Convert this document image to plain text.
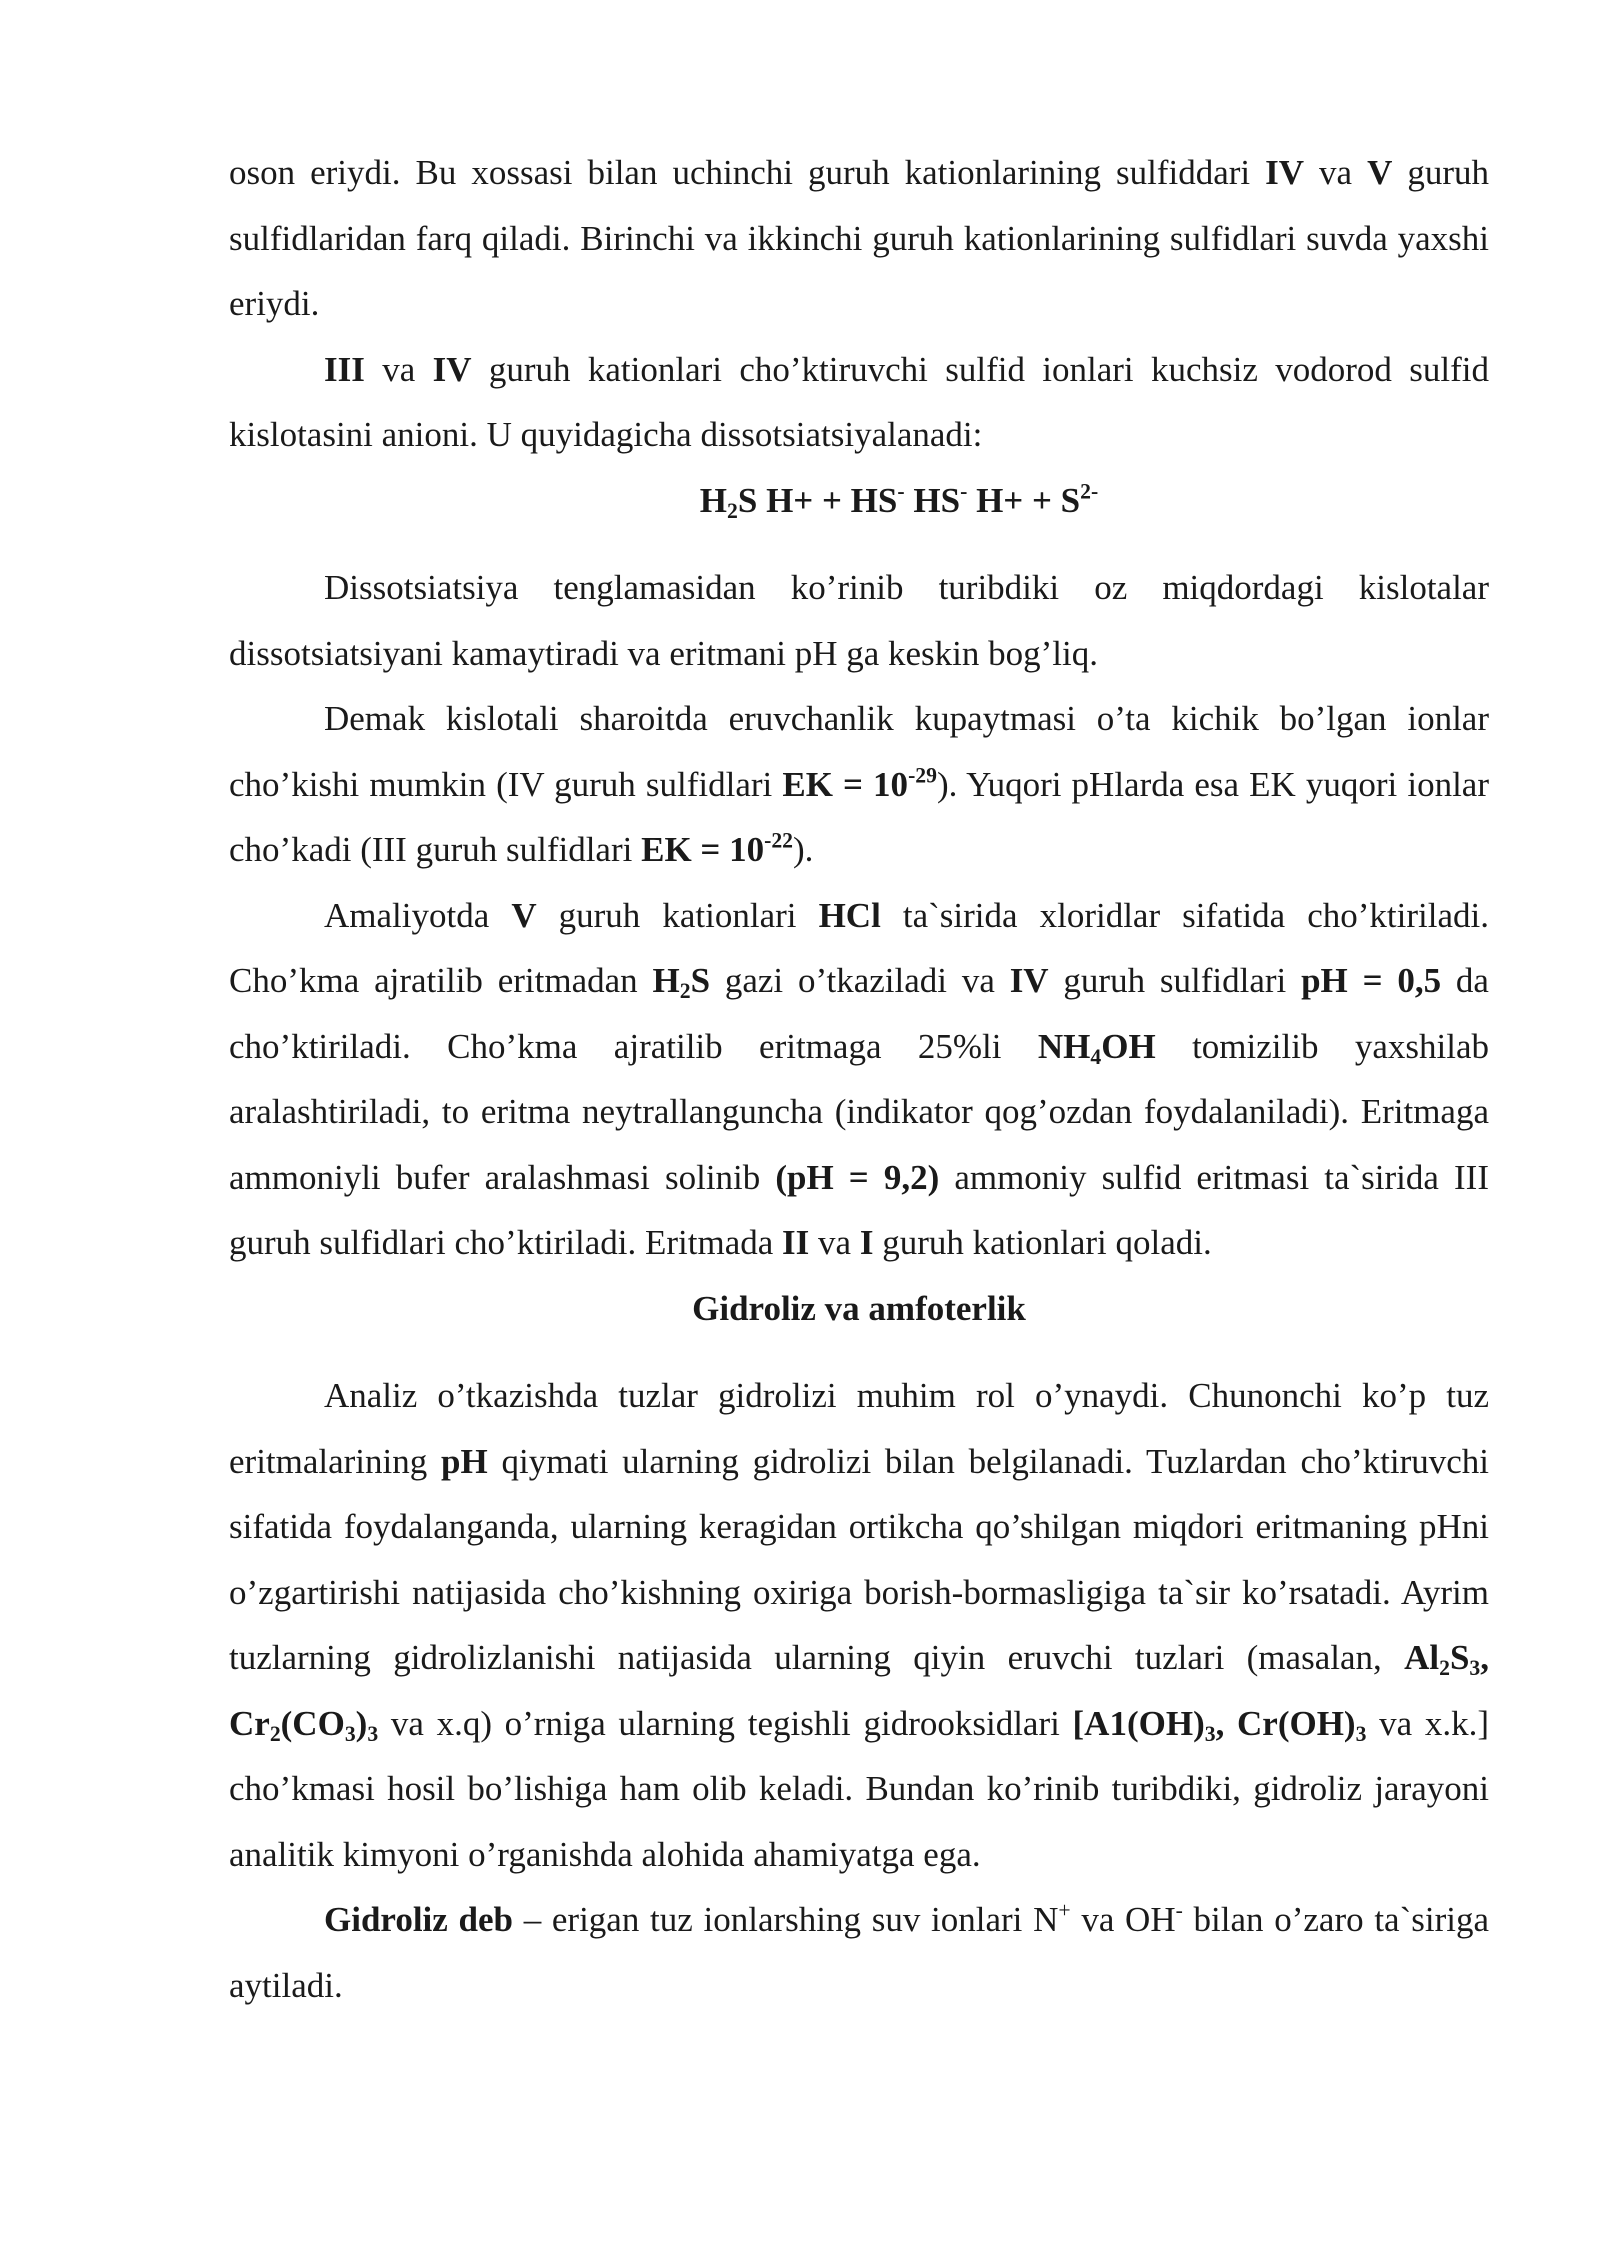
oson eriydi. Bu xossasi bilan uchinchi guruh kationlarining sulfiddari IV va V guruh sulfidlaridan farq qiladi. Birinchi va ikkinchi guruh kationlarining sulfidlari suvda yaxshi eriydi.

III va IV guruh kationlari cho’ktiruvchi sulfid ionlari kuchsiz vodorod sulfid kislotasini anioni. U quyidagicha dissotsiatsiyalanadi:

$H_2S$ H+ + HS- HS- $H+ + S^{2-}$

Dissotsiatsiya tenglamasidan ko’rinib turibdiki oz miqdordagi kislotalar dissotsiatsiyani kamaytiradi va eritmani pH ga keskin bog’liq.

Demak kislotali sharoitda eruvchanlik kupaytmasi o’ta kichik bo’lgan ionlar cho’kishi mumkin (IV guruh sulfidlari EK = $10^{-29}$). Yuqori pHlarda esa EK yuqori ionlar cho’kadi (III guruh sulfidlari EK = $10^{-22}$).

Amaliyotda V guruh kationlari HCl ta`sirida xloridlar sifatida cho’ktiriladi. Cho’kma ajratilib eritmadan $H_2S$ gazi o’tkaziladi va IV guruh sulfidlari pH = 0,5 da cho’ktiriladi. Cho’kma ajratilib eritmaga 25%li $NH_4OH$ tomizilib yaxshilab aralashtiriladi, to eritma neytrallanguncha (indikator qog’ozdan foydalaniladi). Eritmaga ammoniyli bufer aralashmasi solinib (pH = 9,2) ammoniy sulfid eritmasi ta`sirida III guruh sulfidlari cho’ktiriladi. Eritmada II va I guruh kationlari qoladi.

Gidroliz va amfoterlik

Analiz o’tkazishda tuzlar gidrolizi muhim rol o’ynaydi. Chunonchi ko’p tuz eritmalarining pH qiymati ularning gidrolizi bilan belgilanadi. Tuzlardan cho’ktiruvchi sifatida foydalanganda, ularning keragidan ortikcha qo’shilgan miqdori eritmaning pHni o’zgartirishi natijasida cho’kishning oxiriga borish-bormasligiga ta`sir ko’rsatadi. Ayrim tuzlarning gidrolizlanishi natijasida ularning qiyin eruvchi tuzlari (masalan, $Al_2S_3$, $Cr_2(CO_3)_3$ va x.q) o’rniga ularning tegishli gidrooksidlari [$A1(OH)_3$, $Cr(OH)_3$ va x.k.] cho’kmasi hosil bo’lishiga ham olib keladi. Bundan ko’rinib turibdiki, gidroliz jarayoni analitik kimyoni o’rganishda alohida ahamiyatga ega.

Gidroliz deb – erigan tuz ionlarshing suv ionlari N+ va OH- bilan o’zaro ta`siriga aytiladi.
